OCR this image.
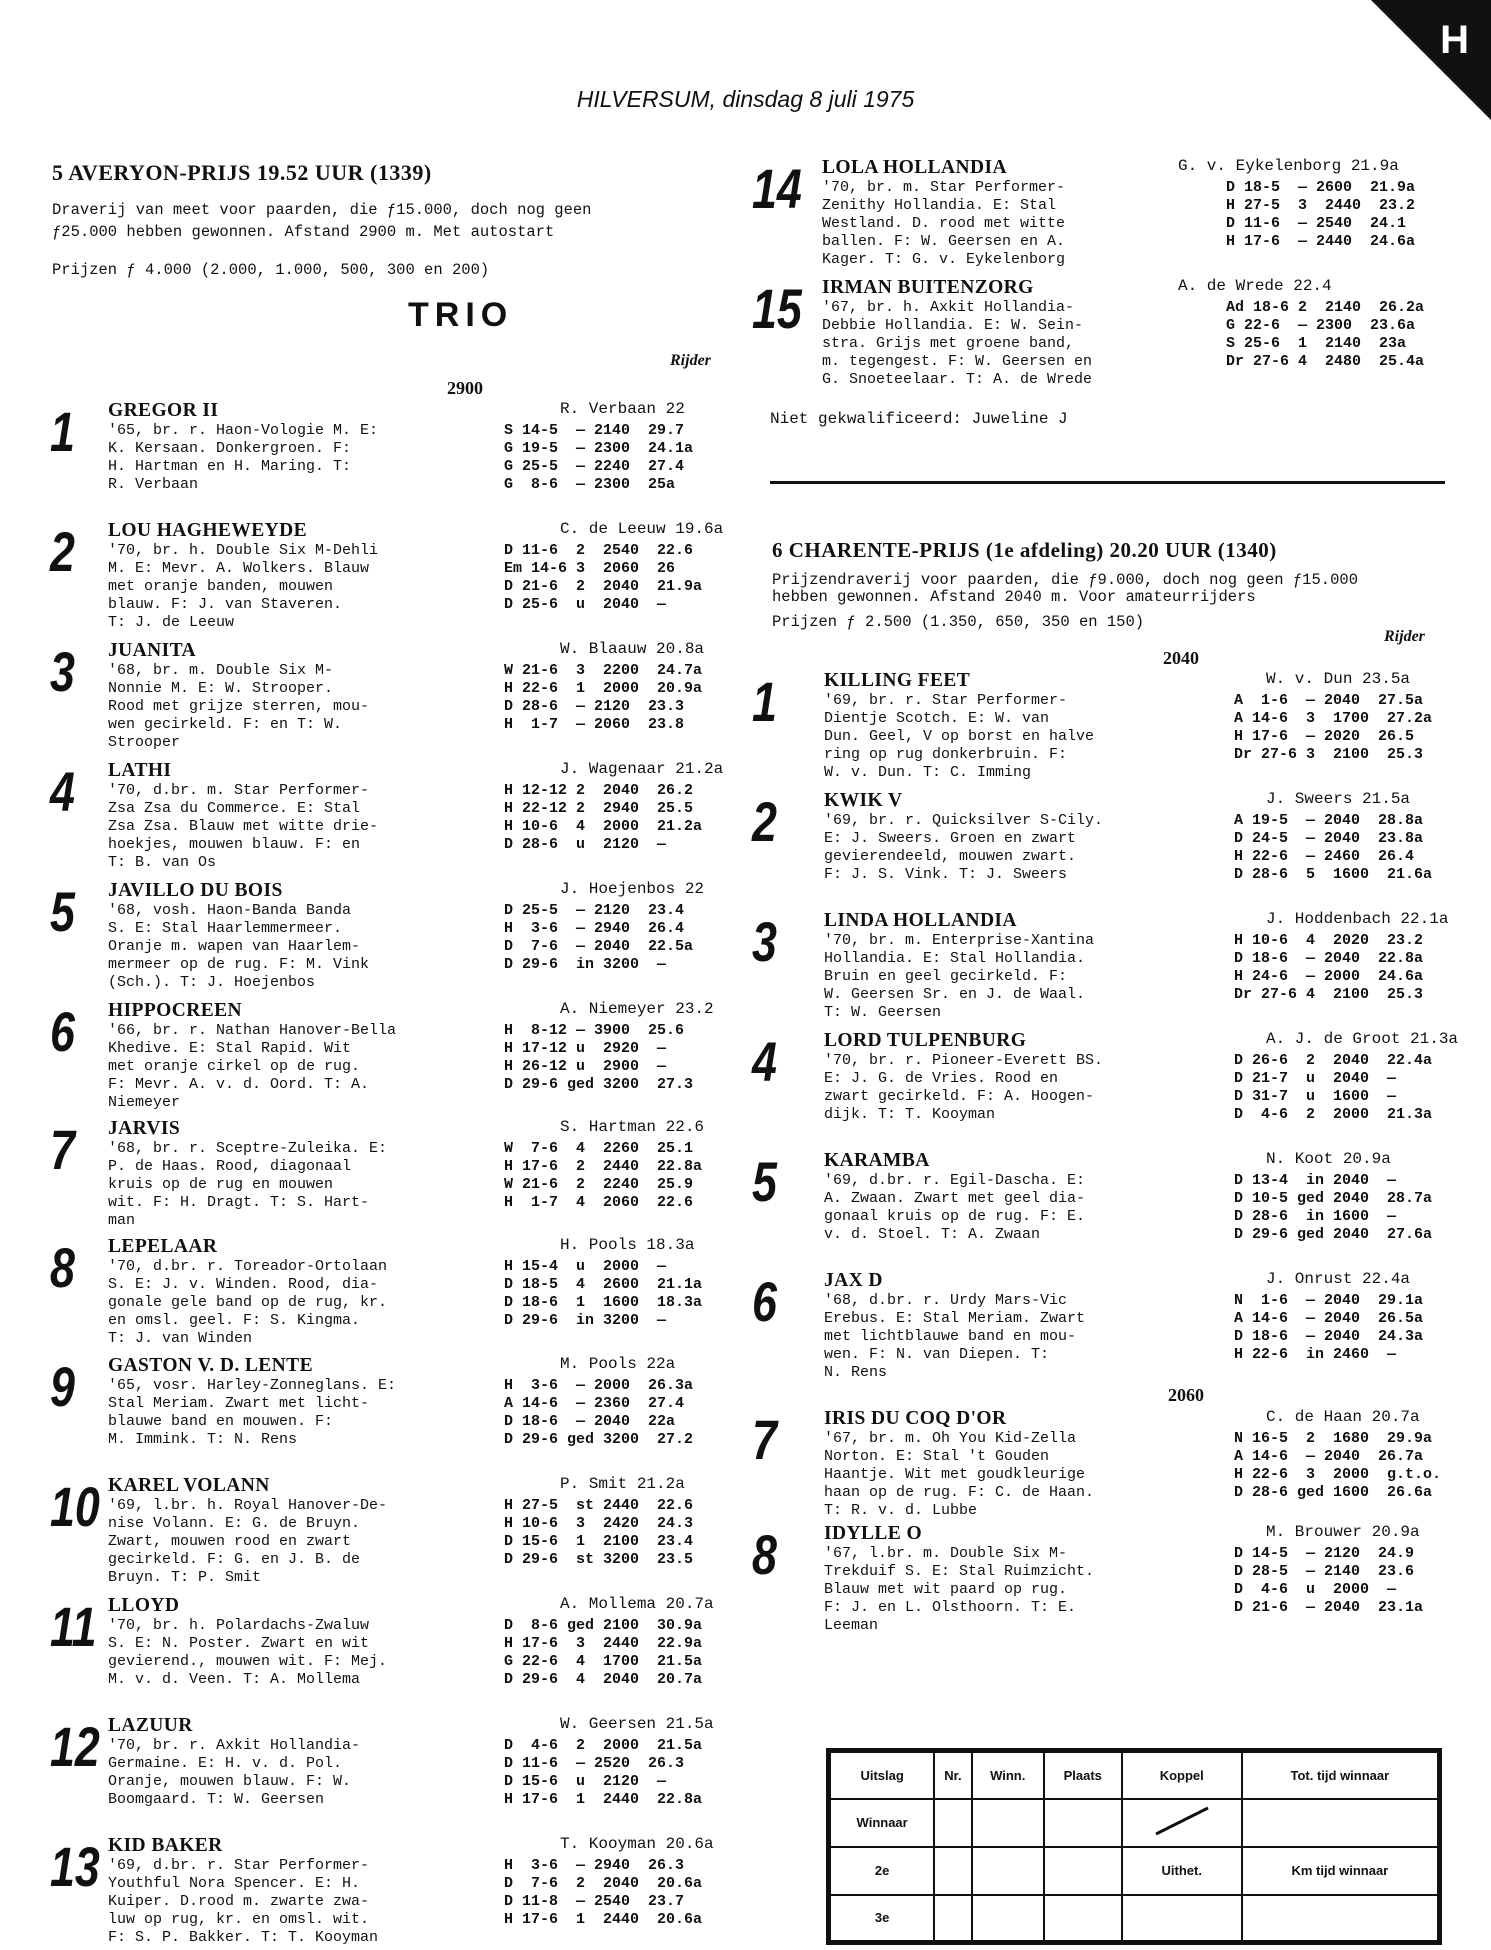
H
HILVERSUM, dinsdag 8 juli 1975
5 AVERYON-PRIJS 19.52 UUR (1339)
Draverij van meet voor paarden, die ƒ15.000, doch nog geen
ƒ25.000 hebben gewonnen. Afstand 2900 m. Met autostart
Prijzen ƒ 4.000 (2.000, 1.000, 500, 300 en 200)
TRIO
Rijder
2900
1 GREGOR II	R. Verbaan 22
'65, br. r. Haon-Vologie M. E:
K. Kersaan. Donkergroen. F:
H. Hartman en H. Maring. T:
R. Verbaan
S 14-5  — 2140  29.7
G 19-5  — 2300  24.1a
G 25-5  — 2240  27.4
G  8-6  — 2300  25a
2 LOU HAGHEWEYDE	C. de Leeuw 19.6a
'70, br. h. Double Six M-Dehli
M. E: Mevr. A. Wolkers. Blauw
met oranje banden, mouwen
blauw. F: J. van Staveren.
T: J. de Leeuw
D 11-6  2  2540  22.6
Em 14-6 3  2060  26
D 21-6  2  2040  21.9a
D 25-6  u  2040  —
3 JUANITA	W. Blaauw 20.8a
'68, br. m. Double Six M-
Nonnie M. E: W. Strooper.
Rood met grijze sterren, mou-
wen gecirkeld. F: en T: W.
Strooper
W 21-6  3  2200  24.7a
H 22-6  1  2000  20.9a
D 28-6  — 2120  23.3
H  1-7  — 2060  23.8
4 LATHI	J. Wagenaar 21.2a
'70, d.br. m. Star Performer-
Zsa Zsa du Commerce. E: Stal
Zsa Zsa. Blauw met witte drie-
hoekjes, mouwen blauw. F: en
T: B. van Os
H 12-12 2  2040  26.2
H 22-12 2  2940  25.5
H 10-6  4  2000  21.2a
D 28-6  u  2120  —
5 JAVILLO DU BOIS	J. Hoejenbos 22
'68, vosh. Haon-Banda Banda
S. E: Stal Haarlemmermeer.
Oranje m. wapen van Haarlem-
mermeer op de rug. F: M. Vink
(Sch.). T: J. Hoejenbos
D 25-5  — 2120  23.4
H  3-6  — 2940  26.4
D  7-6  — 2040  22.5a
D 29-6  in 3200  —
6 HIPPOCREEN	A. Niemeyer 23.2
'66, br. r. Nathan Hanover-Bella
Khedive. E: Stal Rapid. Wit
met oranje cirkel op de rug.
F: Mevr. A. v. d. Oord. T: A.
Niemeyer
H  8-12 — 3900  25.6
H 17-12 u  2920  —
H 26-12 u  2900  —
D 29-6 ged 3200  27.3
7 JARVIS	S. Hartman 22.6
'68, br. r. Sceptre-Zuleika. E:
P. de Haas. Rood, diagonaal
kruis op de rug en mouwen
wit. F: H. Dragt. T: S. Hart-
man
W  7-6  4  2260  25.1
H 17-6  2  2440  22.8a
W 21-6  2  2240  25.9
H  1-7  4  2060  22.6
8 LEPELAAR	H. Pools 18.3a
'70, d.br. r. Toreador-Ortolaan
S. E: J. v. Winden. Rood, dia-
gonale gele band op de rug, kr.
en omsl. geel. F: S. Kingma.
T: J. van Winden
H 15-4  u  2000  —
D 18-5  4  2600  21.1a
D 18-6  1  1600  18.3a
D 29-6  in 3200  —
9 GASTON V. D. LENTE	M. Pools 22a
'65, vosr. Harley-Zonneglans. E:
Stal Meriam. Zwart met licht-
blauwe band en mouwen. F:
M. Immink. T: N. Rens
H  3-6  — 2000  26.3a
A 14-6  — 2360  27.4
D 18-6  — 2040  22a
D 29-6 ged 3200  27.2
10 KAREL VOLANN	P. Smit 21.2a
'69, l.br. h. Royal Hanover-De-
nise Volann. E: G. de Bruyn.
Zwart, mouwen rood en zwart
gecirkeld. F: G. en J. B. de
Bruyn. T: P. Smit
H 27-5  st 2440  22.6
H 10-6  3  2420  24.3
D 15-6  1  2100  23.4
D 29-6  st 3200  23.5
11 LLOYD	A. Mollema 20.7a
'70, br. h. Polardachs-Zwaluw
S. E: N. Poster. Zwart en wit
gevierend., mouwen wit. F: Mej.
M. v. d. Veen. T: A. Mollema
D  8-6 ged 2100  30.9a
H 17-6  3  2440  22.9a
G 22-6  4  1700  21.5a
D 29-6  4  2040  20.7a
12 LAZUUR	W. Geersen 21.5a
'70, br. r. Axkit Hollandia-
Germaine. E: H. v. d. Pol.
Oranje, mouwen blauw. F: W.
Boomgaard. T: W. Geersen
D  4-6  2  2000  21.5a
D 11-6  — 2520  26.3
D 15-6  u  2120  —
H 17-6  1  2440  22.8a
13 KID BAKER	T. Kooyman 20.6a
'69, d.br. r. Star Performer-
Youthful Nora Spencer. E: H.
Kuiper. D.rood m. zwarte zwa-
luw op rug, kr. en omsl. wit.
F: S. P. Bakker. T: T. Kooyman
H  3-6  — 2940  26.3
D  7-6  2  2040  20.6a
D 11-8  — 2540  23.7
H 17-6  1  2440  20.6a
14 LOLA HOLLANDIA	G. v. Eykelenborg 21.9a
'70, br. m. Star Performer-
Zenithy Hollandia. E: Stal
Westland. D. rood met witte
ballen. F: W. Geersen en A.
Kager. T: G. v. Eykelenborg
D 18-5  — 2600  21.9a
H 27-5  3  2440  23.2
D 11-6  — 2540  24.1
H 17-6  — 2440  24.6a
15 IRMAN BUITENZORG	A. de Wrede 22.4
'67, br. h. Axkit Hollandia-
Debbie Hollandia. E: W. Sein-
stra. Grijs met groene band,
m. tegengest. F: W. Geersen en
G. Snoeteelaar. T: A. de Wrede
Ad 18-6 2  2140  26.2a
G 22-6  — 2300  23.6a
S 25-6  1  2140  23a
Dr 27-6 4  2480  25.4a
Niet gekwalificeerd: Juweline J
6 CHARENTE-PRIJS (1e afdeling) 20.20 UUR (1340)
Prijzendraverij voor paarden, die ƒ9.000, doch nog geen ƒ15.000
hebben gewonnen. Afstand 2040 m. Voor amateurrijders
Prijzen ƒ 2.500 (1.350, 650, 350 en 150)
Rijder
2040
2060
1 KILLING FEET	W. v. Dun 23.5a
'69, br. r. Star Performer-
Dientje Scotch. E: W. van
Dun. Geel, V op borst en halve
ring op rug donkerbruin. F:
W. v. Dun. T: C. Imming
A  1-6  — 2040  27.5a
A 14-6  3  1700  27.2a
H 17-6  — 2020  26.5
Dr 27-6 3  2100  25.3
2 KWIK V	J. Sweers 21.5a
'69, br. r. Quicksilver S-Cily.
E: J. Sweers. Groen en zwart
gevierendeeld, mouwen zwart.
F: J. S. Vink. T: J. Sweers
A 19-5  — 2040  28.8a
D 24-5  — 2040  23.8a
H 22-6  — 2460  26.4
D 28-6  5  1600  21.6a
3 LINDA HOLLANDIA	J. Hoddenbach 22.1a
'70, br. m. Enterprise-Xantina
Hollandia. E: Stal Hollandia.
Bruin en geel gecirkeld. F:
W. Geersen Sr. en J. de Waal.
T: W. Geersen
H 10-6  4  2020  23.2
D 18-6  — 2040  22.8a
H 24-6  — 2000  24.6a
Dr 27-6 4  2100  25.3
4 LORD TULPENBURG	A. J. de Groot 21.3a
'70, br. r. Pioneer-Everett BS.
E: J. G. de Vries. Rood en
zwart gecirkeld. F: A. Hoogen-
dijk. T: T. Kooyman
D 26-6  2  2040  22.4a
D 21-7  u  2040  —
D 31-7  u  1600  —
D  4-6  2  2000  21.3a
5 KARAMBA	N. Koot 20.9a
'69, d.br. r. Egil-Dascha. E:
A. Zwaan. Zwart met geel dia-
gonaal kruis op de rug. F: E.
v. d. Stoel. T: A. Zwaan
D 13-4  in 2040  —
D 10-5 ged 2040  28.7a
D 28-6  in 1600  —
D 29-6 ged 2040  27.6a
6 JAX D	J. Onrust 22.4a
'68, d.br. r. Urdy Mars-Vic
Erebus. E: Stal Meriam. Zwart
met lichtblauwe band en mou-
wen. F: N. van Diepen. T:
N. Rens
N  1-6  — 2040  29.1a
A 14-6  — 2040  26.5a
D 18-6  — 2040  24.3a
H 22-6  in 2460  —
7 IRIS DU COQ D'OR	C. de Haan 20.7a
'67, br. m. Oh You Kid-Zella
Norton. E: Stal 't Gouden
Haantje. Wit met goudkleurige
haan op de rug. F: C. de Haan.
T: R. v. d. Lubbe
N 16-5  2  1680  29.9a
A 14-6  — 2040  26.7a
H 22-6  3  2000  g.t.o.
D 28-6 ged 1600  26.6a
8 IDYLLE O	M. Brouwer 20.9a
'67, l.br. m. Double Six M-
Trekduif S. E: Stal Ruimzicht.
Blauw met wit paard op rug.
F: J. en L. Olsthoorn. T: E.
Leeman
D 14-5  — 2120  24.9
D 28-5  — 2140  23.6
D  4-6  u  2000  —
D 21-6  — 2040  23.1a
Uitslag	Nr.	Winn.	Plaats	Koppel	Tot. tijd winnaar
Winnaar					
2e				Uithet.	Km tijd winnaar
3e					
